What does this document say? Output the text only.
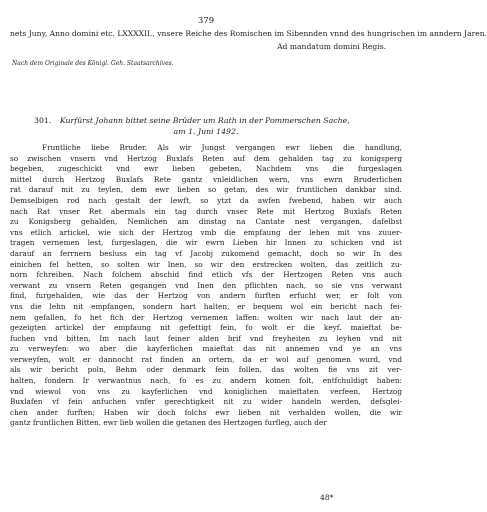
379
nets Juny, Anno domini etc. LXXXXII., vnsere Reiche des Romischen im Sibennden vnnd des hungrischen im anndern Jaren.
Ad mandatum domini Regis.
Nach dem Originale des Königl. Geh. Staatsarchives.
301. Kurfürst Johann bittet seine Brüder um Rath in der Pommerschen Sache,
am 1. Juni 1492.
Fruntliche liebe Bruder. Als wir Jungst vergangen ewr lieben die handlung,
so zwischen vnsern vnd Hertzog Buxlafs Reten auf dem gehalden tag zu konigsperg
begeben, zugeschickt vnd ewr lieben gebeten, Nachdem vns die furgeslagen
mittel durch Hertzog Buxlafs Rete gantz vnleidlichen wern, vns ewrn Bruderlichen
rat darauf mit zu teylen, dem ewr lieben so getan, des wir fruntlichen dankbar sind.
Demselbigen rod nach gestalt der lewft, so ytzt da awfen fwebend, haben wir auch
nach Rat vnser Ret abermals ein tag durch vnser Rete mit Hertzog Buxlafs Reten
zu Konigsberg gehalden, Nemlichen am dinstag na Cantate nest vergangen, dafelbst
vns etlich artickel, wie sich der Hertzog vmb die empfaung der lehen mit vns zuuer-
tragen vernemen lest, furgeslagen, die wir ewrn Lieben hir Innen zu schicken vnd ist
darauf an ferrnern besluss ein tag vf Jacobj zukomend gemacht, doch so wir In des
einichen fel hetten, so solten wir Inen, so wir den erstrecken wolten, das zeitlich zu-
norn fchreiben. Nach folchem abschid find etlich vfs der Hertzogen Reten vns auch
verwant zu vnsern Reten gegangen vnd Inen den pflichten nach, so sie vns verwant
find, furgehalden, wie das der Hertzog von andern furften erfucht wer, er folt von
vns die lehn nit empfangen, sondern hart halten, er bequem wol ein bericht nach fei-
nem gefallen, fo het fich der Hertzog vernemen laffen: wolten wir nach laut der an-
gezeigten artickel der empfaung nit gefettigt fein, fo wolt er die keyf. maieftat be-
fuchen vnd bitten, Im nach laut feiner alden brif vnd freyheiten zu leyhen vnd nit
zu verweyfen: wo aber die kayferlichen maieftat das nit annemen vnd ye an vns
verweyfen, wolt er dannocht rat finden an ortern, da er wol auf genomen wurd, vnd
als wir bericht poln, Behm oder denmark fein follen, das wolten fie vns zit ver-
halten, fondern Ir verwantnus nach, fo es zu andern komen folt, entfchuldigt haben:
vnd wiewol von vns zu kayferlichen vnd koniglichen maieftaten verfeen, Hertzog
Buxlafen vf fein anfuchen vnfer gerechtigkeit nit zu wider handeln werden, defsglei-
chen ander furften; Haben wir doch folchs ewr lieben nit verhalden wollen, die wir
gantz fruntlichen Bitten, ewr lieb wollen die getanen des Hertzogen furfleg, auch der
48*
